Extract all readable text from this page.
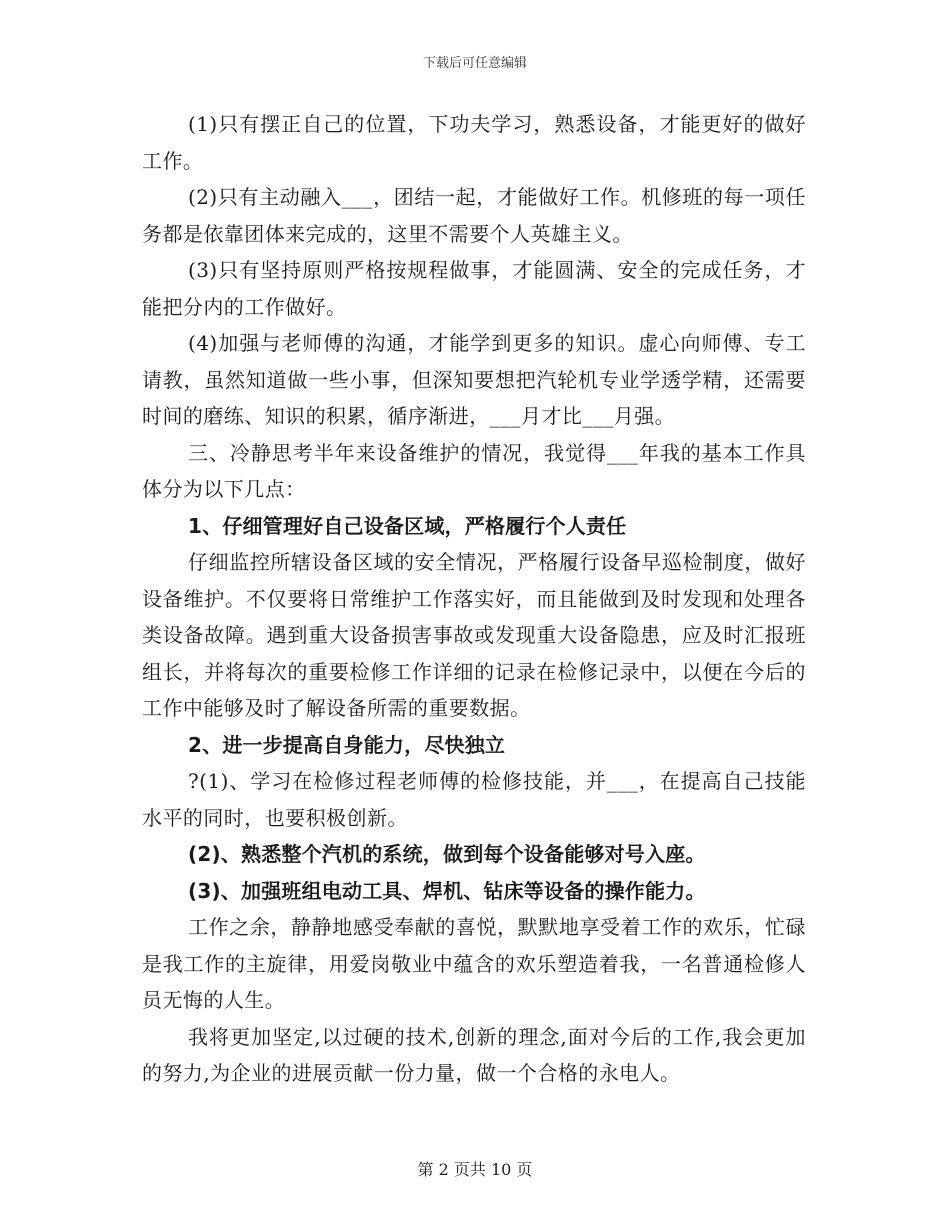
下载后可任意编辑

(1)只有摆正自己的位置，下功夫学习，熟悉设备，才能更好的做好工作。

(2)只有主动融入___，团结一起，才能做好工作。机修班的每一项任务都是依靠团体来完成的，这里不需要个人英雄主义。

(3)只有坚持原则严格按规程做事，才能圆满、安全的完成任务，才能把分内的工作做好。

(4)加强与老师傅的沟通，才能学到更多的知识。虚心向师傅、专工请教，虽然知道做一些小事，但深知要想把汽轮机专业学透学精，还需要时间的磨练、知识的积累，循序渐进，___月才比___月强。

三、冷静思考半年来设备维护的情况，我觉得___年我的基本工作具体分为以下几点：

1、仔细管理好自己设备区域，严格履行个人责任

仔细监控所辖设备区域的安全情况，严格履行设备早巡检制度，做好设备维护。不仅要将日常维护工作落实好，而且能做到及时发现和处理各类设备故障。遇到重大设备损害事故或发现重大设备隐患，应及时汇报班组长，并将每次的重要检修工作详细的记录在检修记录中，以便在今后的工作中能够及时了解设备所需的重要数据。

2、进一步提高自身能力，尽快独立

?(1)、学习在检修过程老师傅的检修技能，并___，在提高自己技能水平的同时，也要积极创新。

(2)、熟悉整个汽机的系统，做到每个设备能够对号入座。

(3)、加强班组电动工具、焊机、钻床等设备的操作能力。

工作之余，静静地感受奉献的喜悦，默默地享受着工作的欢乐，忙碌是我工作的主旋律，用爱岗敬业中蕴含的欢乐塑造着我，一名普通检修人员无悔的人生。

我将更加坚定,以过硬的技术,创新的理念,面对今后的工作,我会更加的努力,为企业的进展贡献一份力量，做一个合格的永电人。

第 2 页共 10 页
